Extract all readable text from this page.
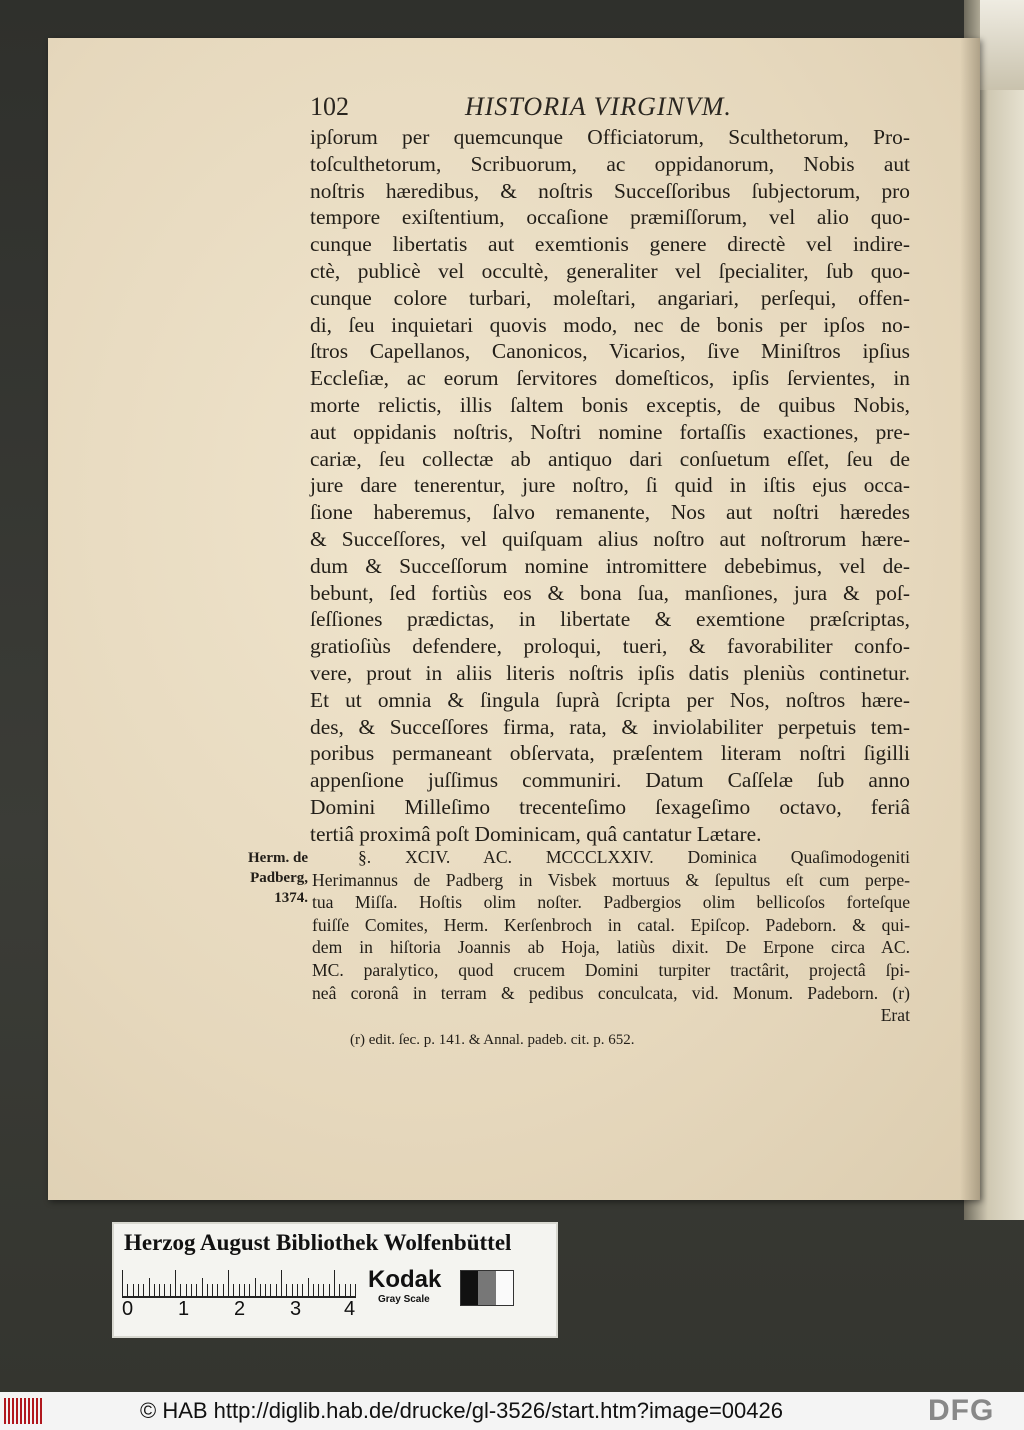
102	HISTORIA VIRGINVM.
ipſorum per quemcunque Officiatorum, Sculthetorum, Pro-
toſculthetorum, Scribuorum, ac oppidanorum, Nobis aut
noſtris hæredibus, & noſtris Succeſſoribus ſubjectorum, pro
tempore exiſtentium, occaſione præmiſſorum, vel alio quo-
cunque libertatis aut exemtionis genere directè vel indire-
ctè, publicè vel occultè, generaliter vel ſpecialiter, ſub quo-
cunque colore turbari, moleſtari, angariari, perſequi, offen-
di, ſeu inquietari quovis modo, nec de bonis per ipſos no-
ſtros Capellanos, Canonicos, Vicarios, ſive Miniſtros ipſius
Eccleſiæ, ac eorum ſervitores domeſticos, ipſis ſervientes, in
morte relictis, illis ſaltem bonis exceptis, de quibus Nobis,
aut oppidanis noſtris, Noſtri nomine fortaſſis exactiones, pre-
cariæ, ſeu collectæ ab antiquo dari conſuetum eſſet, ſeu de
jure dare tenerentur, jure noſtro, ſi quid in iſtis ejus occa-
ſione haberemus, ſalvo remanente, Nos aut noſtri hæredes
& Succeſſores, vel quiſquam alius noſtro aut noſtrorum hære-
dum & Succeſſorum nomine intromittere debebimus, vel de-
bebunt, ſed fortiùs eos & bona ſua, manſiones, jura & poſ-
ſeſſiones prædictas, in libertate & exemtione præſcriptas,
gratioſiùs defendere, proloqui, tueri, & favorabiliter confo-
vere, prout in aliis literis noſtris ipſis datis pleniùs continetur.
Et ut omnia & ſingula ſuprà ſcripta per Nos, noſtros hære-
des, & Succeſſores firma, rata, & inviolabiliter perpetuis tem-
poribus permaneant obſervata, præſentem literam noſtri ſigilli
appenſione juſſimus communiri. Datum Caſſelæ ſub anno
Domini Milleſimo trecenteſimo ſexageſimo octavo, feriâ
tertiâ proximâ poſt Dominicam, quâ cantatur Lætare.
Herm. de
Padberg,
1374.
§. XCIV. AC. MCCCLXXIV. Dominica Quaſimodogeniti
Herimannus de Padberg in Visbek mortuus & ſepultus eſt cum perpe-
tua Miſſa. Hoſtis olim noſter. Padbergios olim bellicoſos forteſque
fuiſſe Comites, Herm. Kerſenbroch in catal. Epiſcop. Padeborn. & qui-
dem in hiſtoria Joannis ab Hoja, latiùs dixit. De Erpone circa AC.
MC. paralytico, quod crucem Domini turpiter tractârit, projectâ ſpi-
neâ coronâ in terram & pedibus conculcata, vid. Monum. Padeborn. (r)
Erat
(r) edit. ſec. p. 141. & Annal. padeb. cit. p. 652.
Herzog August Bibliothek Wolfenbüttel
0 1 2 3 4
Kodak
Gray Scale
© HAB http://diglib.hab.de/drucke/gl-3526/start.htm?image=00426	DFG
